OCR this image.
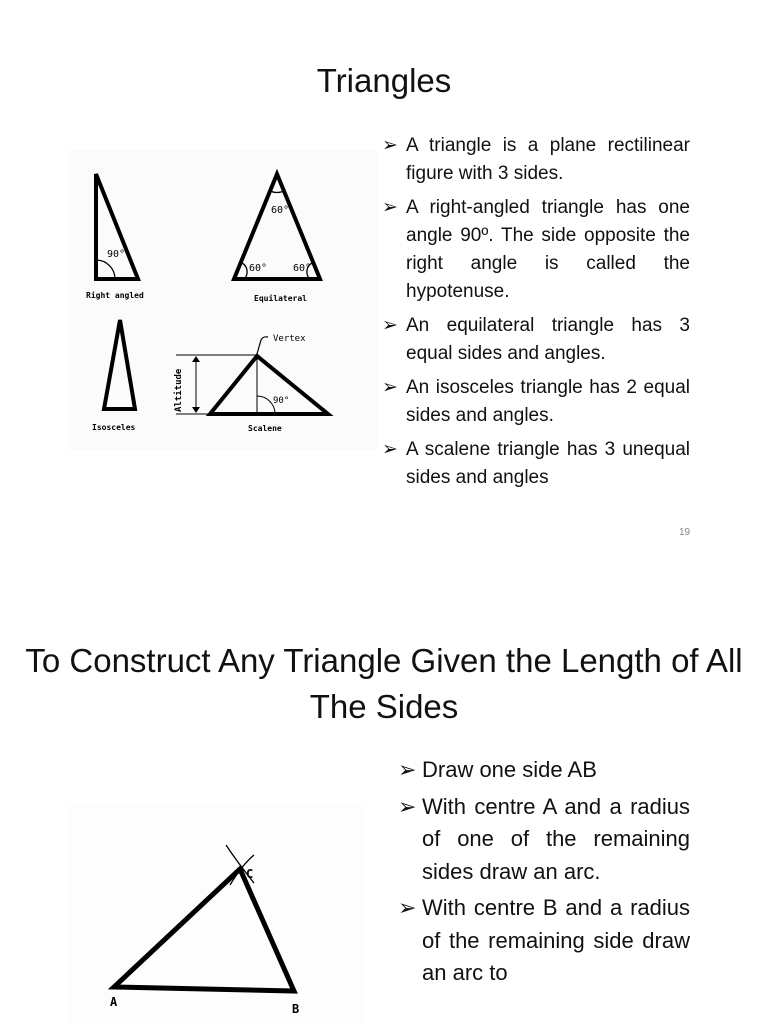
Triangles
90°
Right angled
60°
60°	60°
Equilateral
Isosceles
90°
Altitude
Vertex
Scalene
➢ A triangle is a plane rectilinear figure with 3 sides.
➢ A right-angled triangle has one angle 90º. The side opposite the right angle is called the hypotenuse.
➢ An equilateral triangle has 3 equal sides and angles.
➢ An isosceles triangle has 2 equal sides and angles.
➢ A scalene triangle has 3 unequal sides and angles
19
To Construct Any Triangle Given the Length of All The Sides
A	B
C
➢ Draw one side AB
➢ With centre A and a radius of one of the remaining sides draw an arc.
➢ With centre B and a radius of the remaining side draw an arc to
